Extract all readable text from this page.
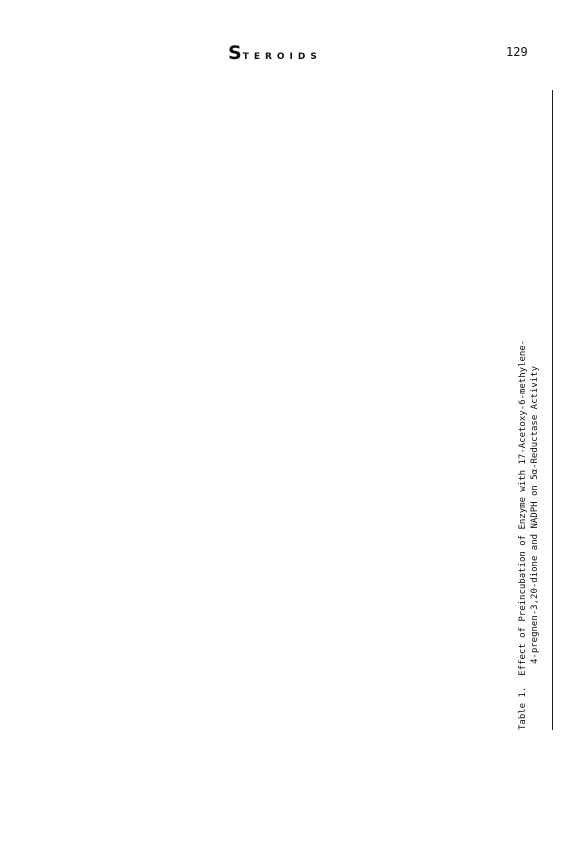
STEROIDS	129
Table 1.  Effect of Preincubation of Enzyme with 17-Acetoxy-6-methylene- 4-pregnen-3,20-dione and NADPH on 5α-Reductase Activity
